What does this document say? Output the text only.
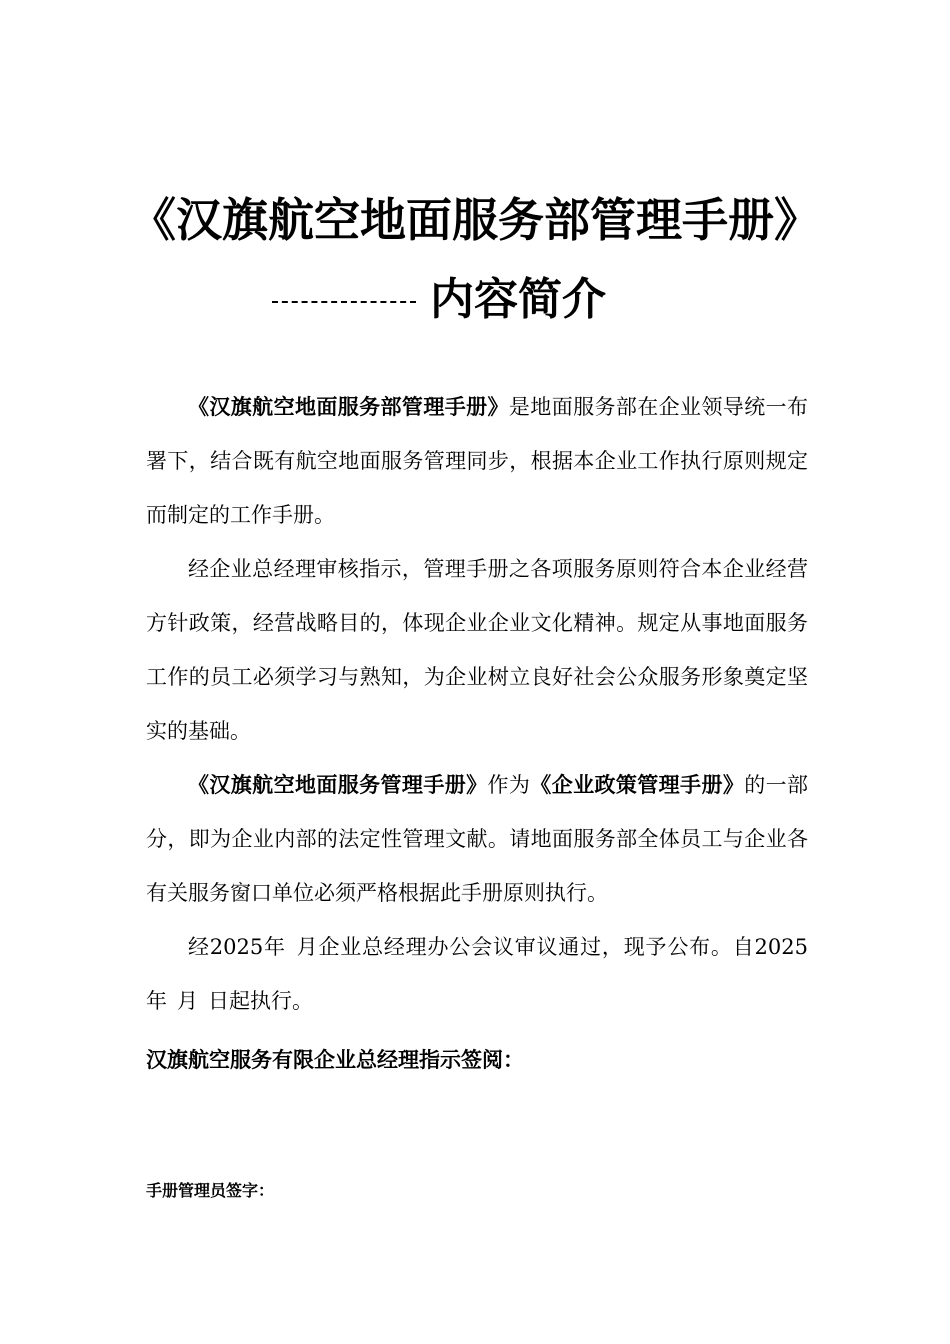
《汉旗航空地面服务部管理手册》
内容简介

《汉旗航空地面服务部管理手册》是地面服务部在企业领导统一布署下，结合既有航空地面服务管理同步，根据本企业工作执行原则规定而制定的工作手册。

经企业总经理审核指示，管理手册之各项服务原则符合本企业经营方针政策，经营战略目的，体现企业企业文化精神。规定从事地面服务工作的员工必须学习与熟知，为企业树立良好社会公众服务形象奠定坚实的基础。

《汉旗航空地面服务管理手册》作为《企业政策管理手册》的一部分，即为企业内部的法定性管理文献。请地面服务部全体员工与企业各有关服务窗口单位必须严格根据此手册原则执行。

经2025年 月企业总经理办公会议审议通过，现予公布。自2025年 月 日起执行。

汉旗航空服务有限企业总经理指示签阅：
手册管理员签字：
